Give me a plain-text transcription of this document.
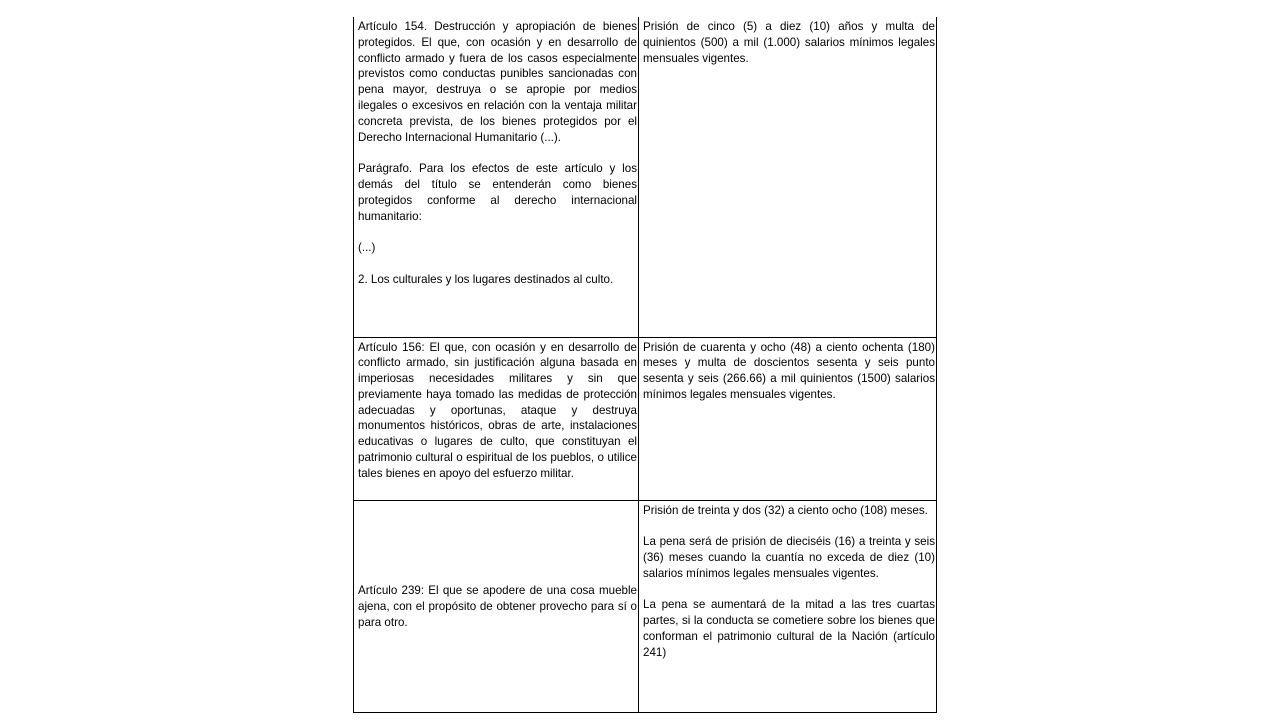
Artículo 154. Destrucción y apropiación de bienes protegidos. El que, con ocasión y en desarrollo de conflicto armado y fuera de los casos especialmente previstos como conductas punibles sancionadas con pena mayor, destruya o se apropie por medios ilegales o excesivos en relación con la ventaja militar concreta prevista, de los bienes protegidos por el Derecho Internacional Humanitario (...).

Parágrafo. Para los efectos de este artículo y los demás del título se entenderán como bienes protegidos conforme al derecho internacional humanitario:

(...)

2. Los culturales y los lugares destinados al culto.	Prisión de cinco (5) a diez (10) años y multa de quinientos (500) a mil (1.000) salarios mínimos legales mensuales vigentes.

Artículo 156: El que, con ocasión y en desarrollo de conflicto armado, sin justificación alguna basada en imperiosas necesidades militares y sin que previamente haya tomado las medidas de protección adecuadas y oportunas, ataque y destruya monumentos históricos, obras de arte, instalaciones educativas o lugares de culto, que constituyan el patrimonio cultural o espiritual de los pueblos, o utilice tales bienes en apoyo del esfuerzo militar.	Prisión de cuarenta y ocho (48) a ciento ochenta (180) meses y multa de doscientos sesenta y seis punto sesenta y seis (266.66) a mil quinientos (1500) salarios mínimos legales mensuales vigentes.

Artículo 239: El que se apodere de una cosa mueble ajena, con el propósito de obtener provecho para sí o para otro.	Prisión de treinta y dos (32) a ciento ocho (108) meses.

La pena será de prisión de dieciséis (16) a treinta y seis (36) meses cuando la cuantía no exceda de diez (10) salarios mínimos legales mensuales vigentes.

La pena se aumentará de la mitad a las tres cuartas partes, si la conducta se cometiere sobre los bienes que conforman el patrimonio cultural de la Nación (artículo 241)
